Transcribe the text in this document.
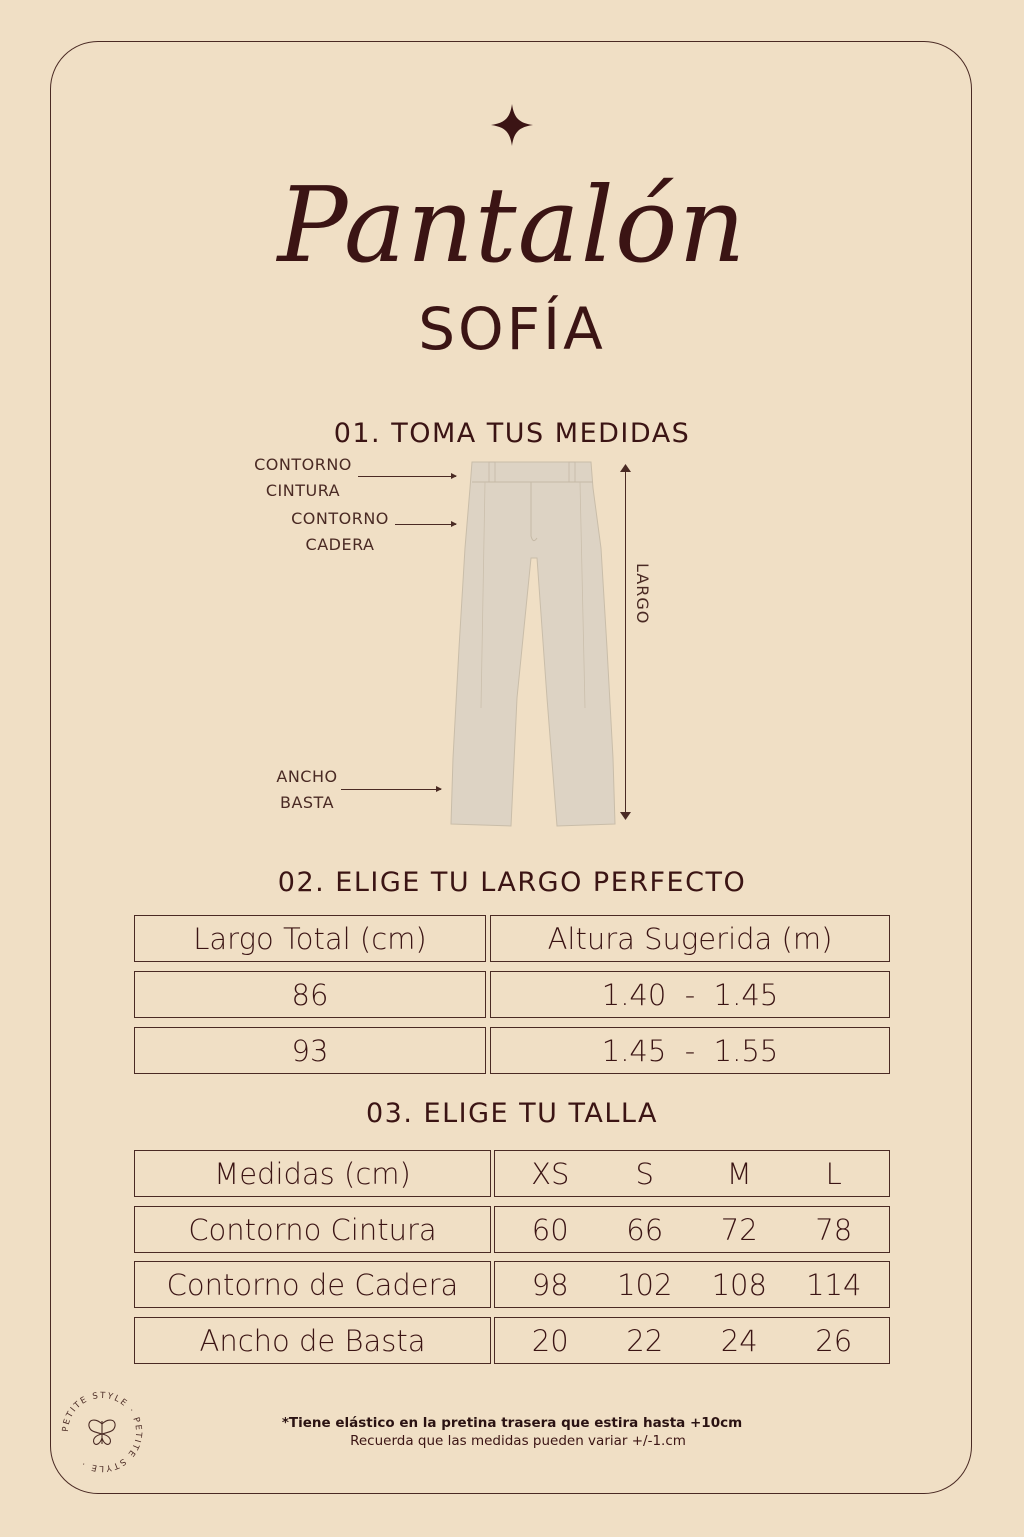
Pantalón
SOFÍA
01. TOMA TUS MEDIDAS
CONTORNO
CINTURA
CONTORNO
CADERA
ANCHO
BASTA
LARGO
02. ELIGE TU LARGO PERFECTO
Largo Total (cm)	Altura Sugerida (m)
86	1.40  -  1.45
93	1.45  -  1.55
03. ELIGE TU TALLA
Medidas (cm)	XS	S	M	L
Contorno Cintura	60	66	72	78
Contorno de Cadera	98	102	108	114
Ancho de Basta	20	22	24	26
PETITE STYLE · PETITE STYLE ·
*Tiene elástico en la pretina trasera que estira hasta +10cm
Recuerda que las medidas pueden variar +/-1.cm
